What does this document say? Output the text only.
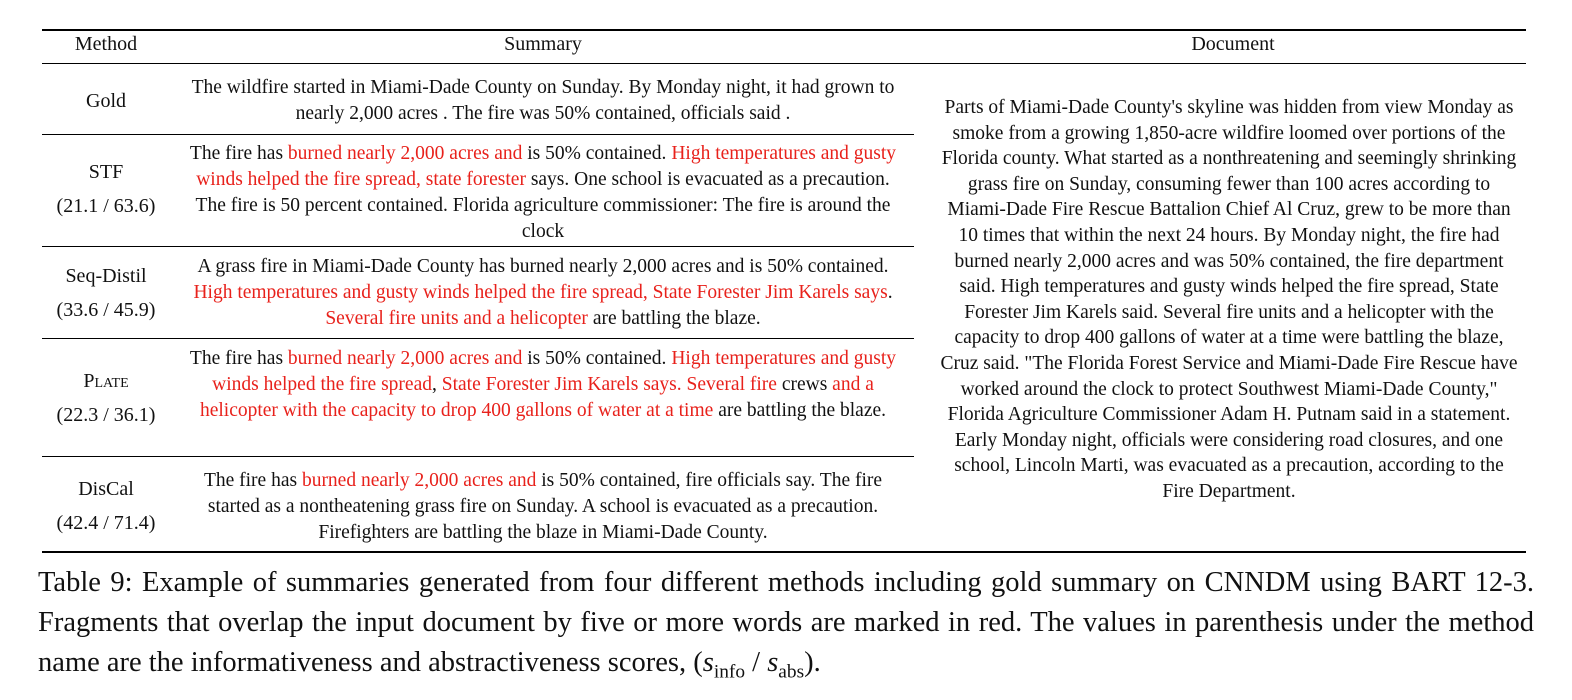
Method	Summary	Document
Gold
STF
(21.1 / 63.6)
Seq-Distil
(33.6 / 45.9)
Plate
(22.3 / 36.1)
DisCal
(42.4 / 71.4)
The wildfire started in Miami-Dade County on Sunday. By Monday night, it had grown to nearly 2,000 acres . The fire was 50% contained, officials said .
The fire has burned nearly 2,000 acres and is 50% contained. High temperatures and gusty winds helped the fire spread, state forester says. One school is evacuated as a precaution. The fire is 50 percent contained. Florida agriculture commissioner: The fire is around the clock
A grass fire in Miami-Dade County has burned nearly 2,000 acres and is 50% contained. High temperatures and gusty winds helped the fire spread, State Forester Jim Karels says. Several fire units and a helicopter are battling the blaze.
The fire has burned nearly 2,000 acres and is 50% contained. High temperatures and gusty winds helped the fire spread, State Forester Jim Karels says. Several fire crews and a helicopter with the capacity to drop 400 gallons of water at a time are battling the blaze.
The fire has burned nearly 2,000 acres and is 50% contained, fire officials say. The fire started as a nontheatening grass fire on Sunday. A school is evacuated as a precaution. Firefighters are battling the blaze in Miami-Dade County.
Parts of Miami-Dade County's skyline was hidden from view Monday as smoke from a growing 1,850-acre wildfire loomed over portions of the Florida county. What started as a nonthreatening and seemingly shrinking grass fire on Sunday, consuming fewer than 100 acres according to Miami-Dade Fire Rescue Battalion Chief Al Cruz, grew to be more than 10 times that within the next 24 hours. By Monday night, the fire had burned nearly 2,000 acres and was 50% contained, the fire department said. High temperatures and gusty winds helped the fire spread, State Forester Jim Karels said. Several fire units and a helicopter with the capacity to drop 400 gallons of water at a time were battling the blaze, Cruz said. "The Florida Forest Service and Miami-Dade Fire Rescue have worked around the clock to protect Southwest Miami-Dade County," Florida Agriculture Commissioner Adam H. Putnam said in a statement. Early Monday night, officials were considering road closures, and one school, Lincoln Marti, was evacuated as a precaution, according to the Fire Department.
Table 9: Example of summaries generated from four different methods including gold summary on CNNDM using BART 12-3. Fragments that overlap the input document by five or more words are marked in red. The values in parenthesis under the method name are the informativeness and abstractiveness scores, $(s_{info} / s_{abs})$.
